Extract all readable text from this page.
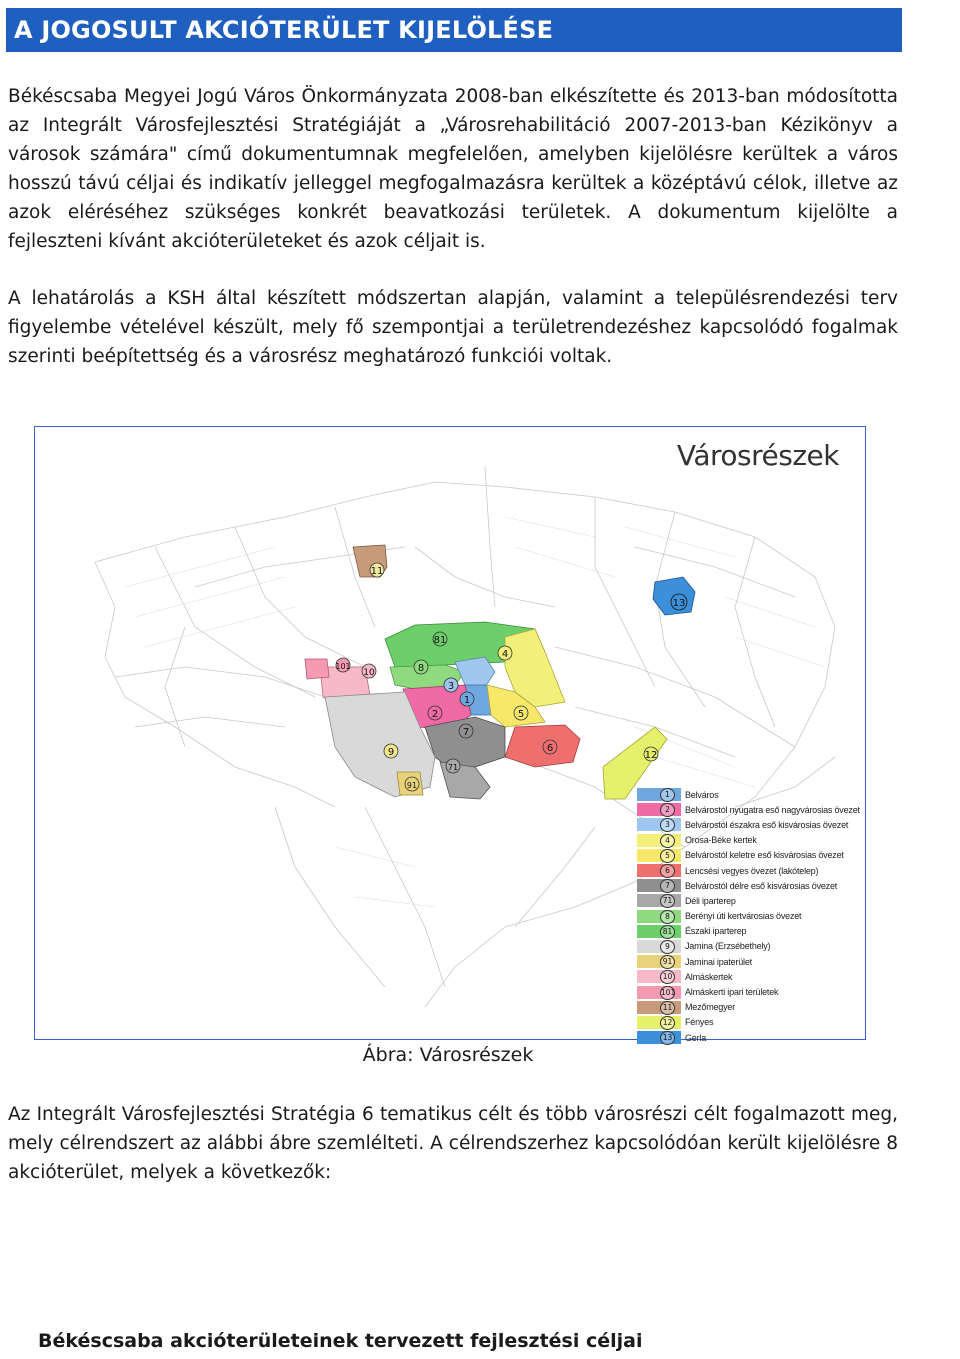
A JOGOSULT AKCIÓTERÜLET KIJELÖLÉSE

Békéscsaba Megyei Jogú Város Önkormányzata 2008-ban elkészítette és 2013-ban módosította az Integrált Városfejlesztési Stratégiáját a „Városrehabilitáció 2007-2013-ban Kézikönyv a városok számára" című dokumentumnak megfelelően, amelyben kijelölésre kerültek a város hosszú távú céljai és indikatív jelleggel megfogalmazásra kerültek a középtávú célok, illetve az azok eléréséhez szükséges konkrét beavatkozási területek. A dokumentum kijelölte a fejleszteni kívánt akcióterületeket és azok céljait is.

A lehatárolás a KSH által készített módszertan alapján, valamint a településrendezési terv figyelembe vételével készült, mely fő szempontjai a területrendezéshez kapcsolódó fogalmak szerinti beépítettség és a városrész meghatározó funkciói voltak.

Városrészek
11
13
81
4
101
10	8
3
1
2	5
7
6
9
71
12
91
1	Belváros
2	Belvárostól nyugatra eső nagyvárosias övezet
3	Belvárostól északra eső kisvárosias övezet
4	Orosa-Béke kertek
5	Belvárostól keletre eső kisvárosias övezet
6	Lencsési vegyes övezet (lakótelep)
7	Belvárostól délre eső kisvárosias övezet
71	Déli iparterep
8	Berényi úti kertvárosias övezet
81	Északi iparterep
9	Jamina (Erzsébethely)
91	Jaminai ipaterület
10	Almáskertek
101 Almáskerti ipari területek
11	Mezőmegyer
12	Fényes
13	Gerla
Ábra: Városrészek

Az Integrált Városfejlesztési Stratégia 6 tematikus célt és több városrészi célt fogalmazott meg, mely célrendszert az alábbi ábre szemlélteti. A célrendszerhez kapcsolódóan került kijelölésre 8 akcióterület, melyek a következők:

Békéscsaba akcióterületeinek tervezett fejlesztési céljai
